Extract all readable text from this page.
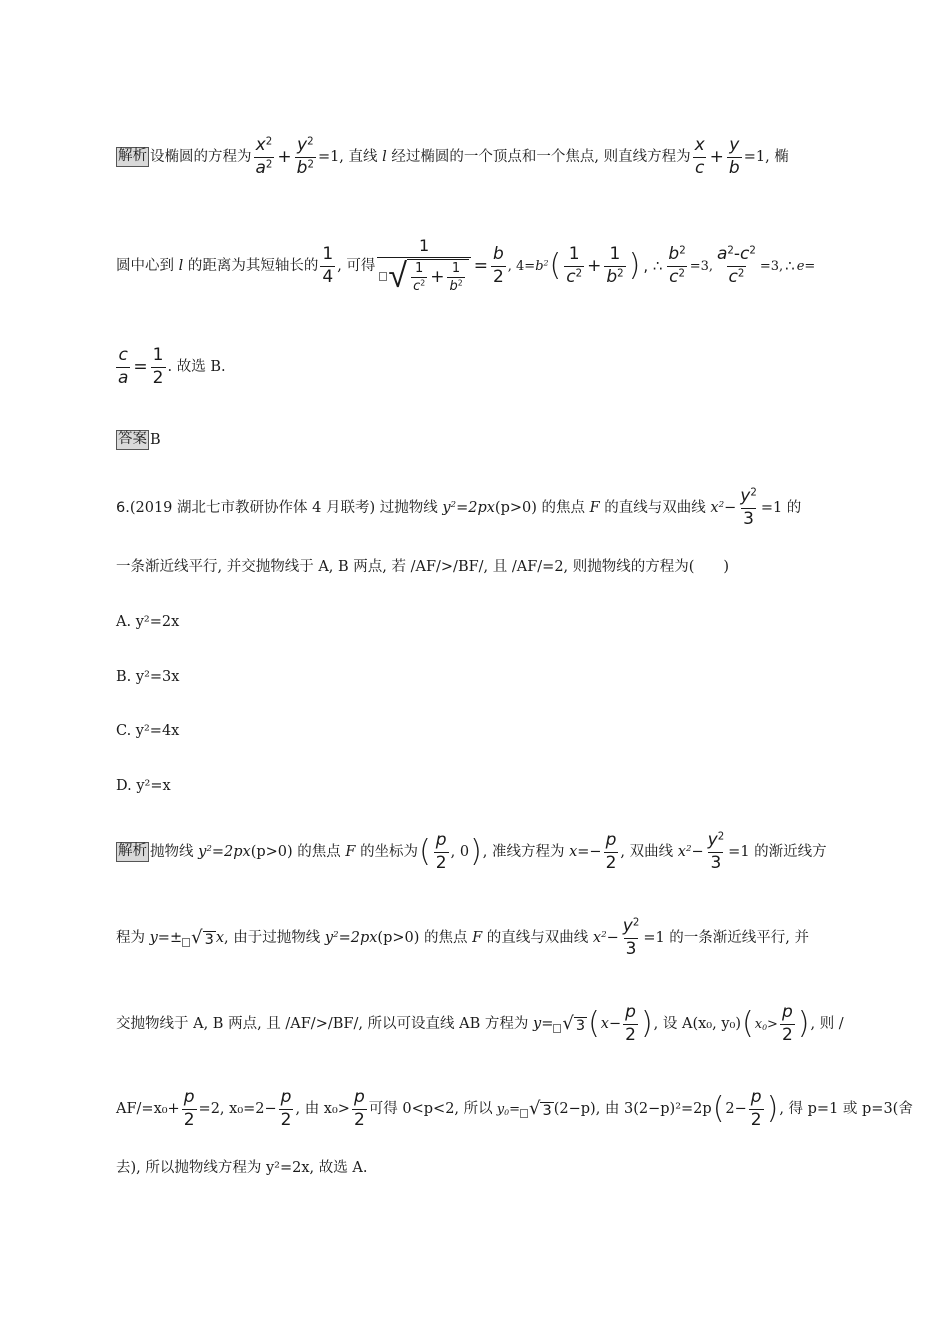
解析 设椭圆的方程为 $\frac{x^2}{a^2} + \frac{y^2}{b^2} =1$, 直线 l 经过椭圆的一个顶点和一个焦点, 则直线方程为 $\frac{x}{c} + \frac{y}{b} =1$, 椭
圆中心到 l 的距离为其短轴长的 $\frac{1}{4}$ , 可得 $\frac{1}{√ \frac{1}{c^2} + \frac{1}{b^2}} = \frac{b}{2}$ , $4= b^2$ ( $\frac{1}{c^2} + \frac{1}{b^2}$ ) , ∴ $\frac{b^2}{c^2} =3$, $\frac{a^2-c^2}{c^2} =3$, ∴ e=
$\frac{c}{a} = \frac{1}{2}$ . 故选 B.
答案 B
6. (2019 湖北七市教研协作体 4 月联考) 过抛物线 $y^2=2px$ (p>0) 的焦点 F 的直线与双曲线 $x^2- \frac{y^2}{3} =1$ 的
一条渐近线平行, 并交抛物线于 A, B 两点, 若 /AF/>/BF/, 且 /AF/=2, 则抛物线的方程为(　　)
A. y²=2x
B. y²=3x
C. y²=4x
D. y²=x
解析 抛物线 $y^2=2px$ (p>0) 的焦点 F 的坐标为 ( $\frac{p}{2}$ , 0 ) , 准线方程为 $x=- \frac{p}{2}$ , 双曲线 $x^2- \frac{y^2}{3} =1$ 的渐近线方
程为 y=± √ 3 x , 由于过抛物线 $y^2=2px$ (p>0) 的焦点 F 的直线与双曲线 $x^2- \frac{y^2}{3} =1$ 的一条渐近线平行, 并
交抛物线于 A, B 两点, 且 /AF/>/BF/, 所以可设直线 AB 方程为 y= √ 3 ( $x- \frac{p}{2}$ ) , 设 A(x₀, y₀) ( $x_0> \frac{p}{2}$ ) , 则 /
$AF/=x_0+ \frac{p}{2} =2$, $x_0=2- \frac{p}{2}$ , 由 $x_0> \frac{p}{2}$ 可得 0<p<2, 所以 $y_0=$ √ 3 (2−p), 由 3(2−p)²=2p ( $2- \frac{p}{2}$ ) , 得 p=1 或 p=3(舍
去), 所以抛物线方程为 y²=2x, 故选 A.
